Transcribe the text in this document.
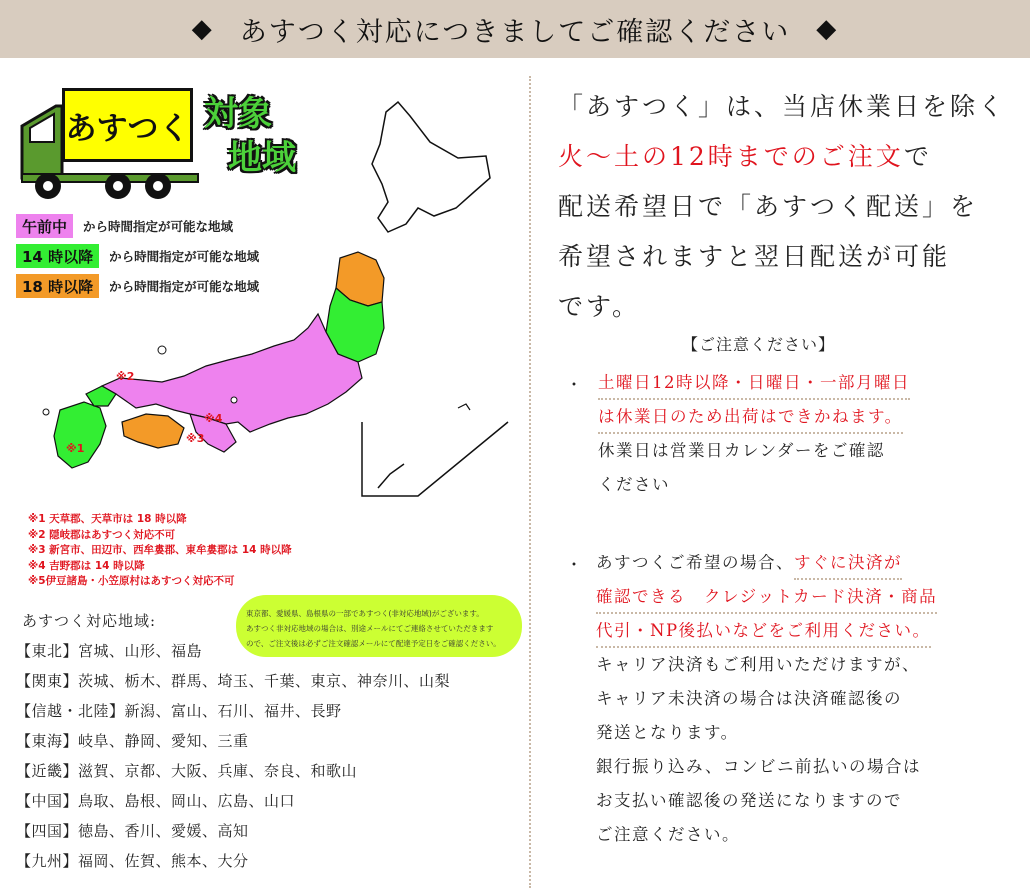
◆ あすつく対応につきましてご確認ください ◆
あすつく 対象
地域
※2
※4
※3
※1
午前中	から時間指定が可能な地域
14 時以降	から時間指定が可能な地域
18 時以降	から時間指定が可能な地域
※1 天草郡、天草市は 18 時以降
※2 隠岐郡はあすつく対応不可
※3 新宮市、田辺市、西牟婁郡、東牟婁郡は 14 時以降
※4 吉野郡は 14 時以降
※5伊豆諸島・小笠原村はあすつく対応不可
東京都、愛媛県、島根県の一部であすつく(非対応地域)がございます。
あすつく非対応地域の場合は、別途メールにてご連絡させていただきます
ので、ご注文後は必ずご注文確認メールにて配達予定日をご確認ください。
あすつく対応地域:
【東北】宮城、山形、福島
【関東】茨城、栃木、群馬、埼玉、千葉、東京、神奈川、山梨
【信越・北陸】新潟、富山、石川、福井、長野
【東海】岐阜、静岡、愛知、三重
【近畿】滋賀、京都、大阪、兵庫、奈良、和歌山
【中国】鳥取、島根、岡山、広島、山口
【四国】徳島、香川、愛媛、高知
【九州】福岡、佐賀、熊本、大分
「あすつく」は、当店休業日を除く
火〜土の12時までのご注文で
配送希望日で「あすつく配送」を
希望されますと翌日配送が可能
です。
【ご注意ください】
・ 土曜日12時以降・日曜日・一部月曜日
は休業日のため出荷はできかねます。
休業日は営業日カレンダーをご確認
ください
・ あすつくご希望の場合、すぐに決済が
確認できる　クレジットカード決済・商品
代引・NP後払いなどをご利用ください。
キャリア決済もご利用いただけますが、
キャリア未決済の場合は決済確認後の
発送となります。
銀行振り込み、コンビニ前払いの場合は
お支払い確認後の発送になりますので
ご注意ください。
